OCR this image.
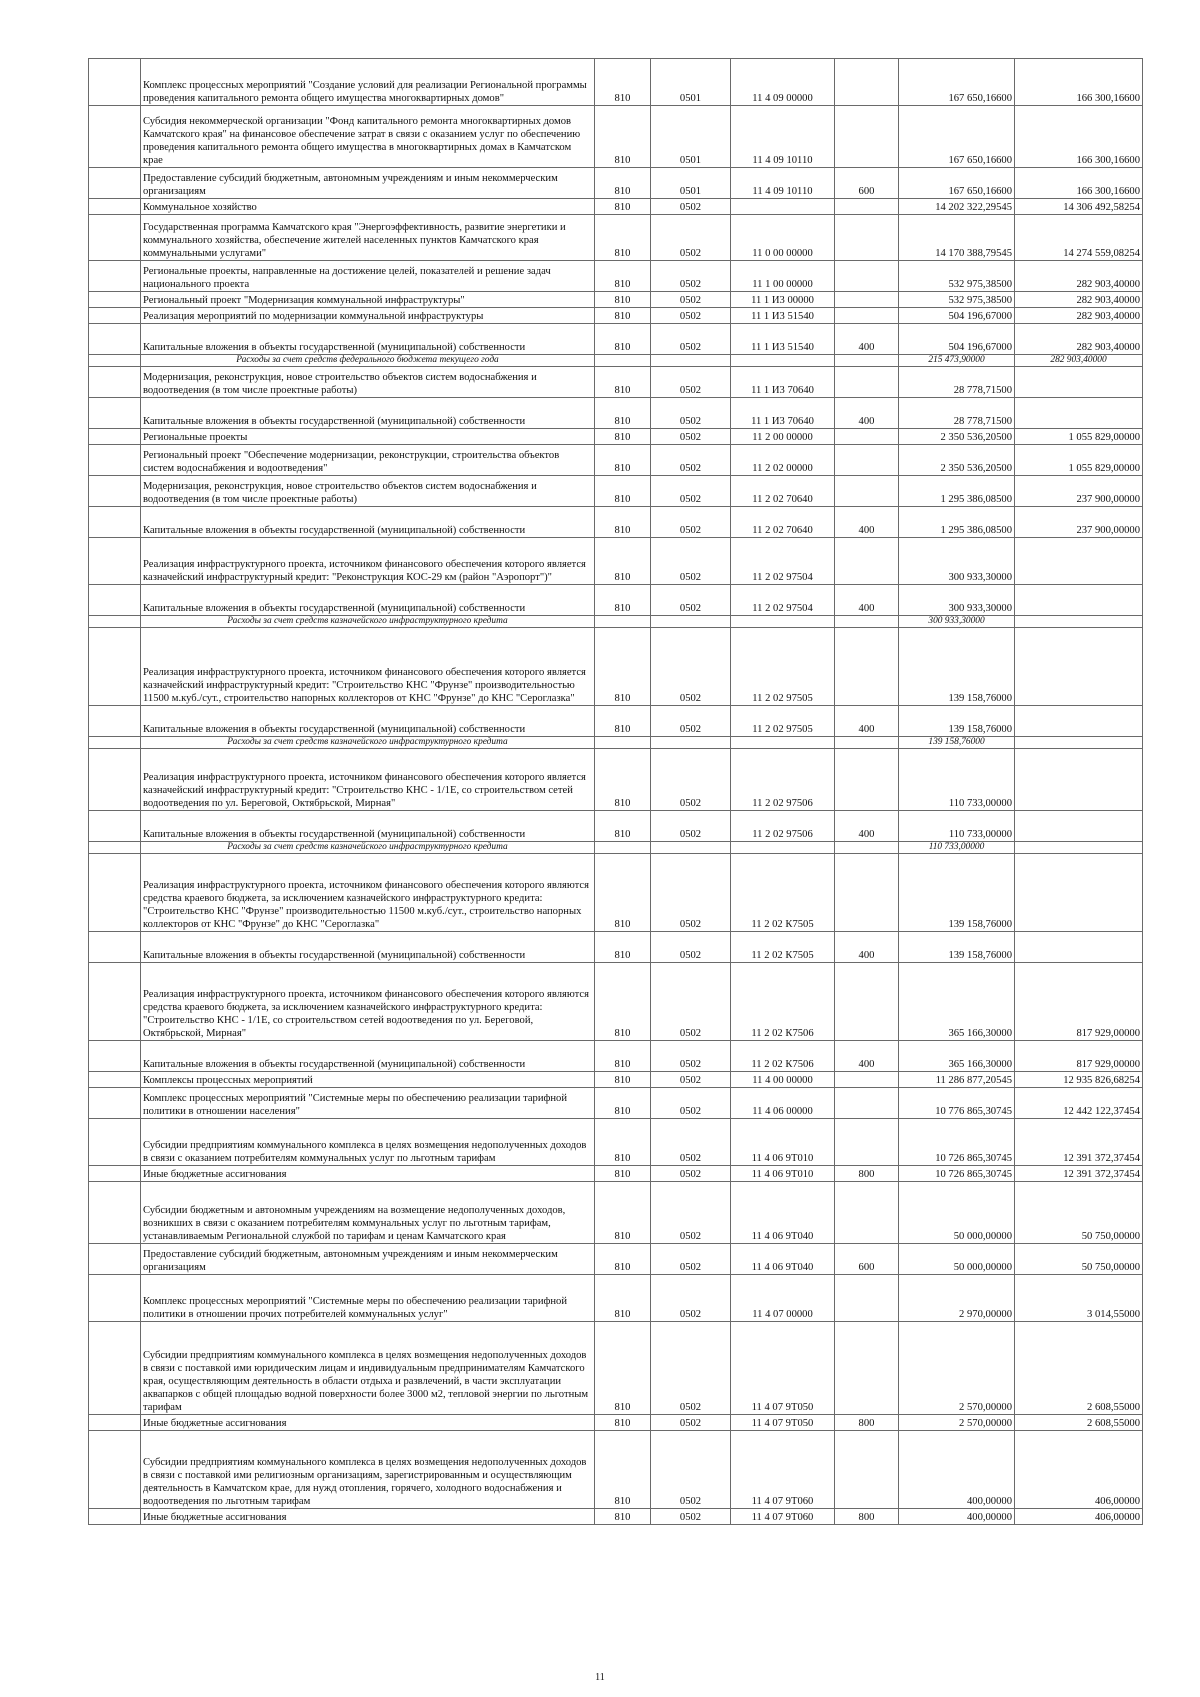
	Комплекс процессных мероприятий "Создание условий для реализации Региональной программы проведения капитального ремонта общего имущества многоквартирных домов"	810	0501	11 4 09 00000		167 650,16600	166 300,16600
	Субсидия некоммерческой организации "Фонд капитального ремонта многоквартирных домов Камчатского края" на финансовое обеспечение затрат в связи с оказанием услуг по обеспечению проведения капитального ремонта общего имущества в многоквартирных домах в Камчатском крае	810	0501	11 4 09 10110		167 650,16600	166 300,16600
	Предоставление субсидий бюджетным, автономным учреждениям и иным некоммерческим организациям	810	0501	11 4 09 10110	600	167 650,16600	166 300,16600
	Коммунальное хозяйство	810	0502			14 202 322,29545	14 306 492,58254
	Государственная программа Камчатского края "Энергоэффективность, развитие энергетики и коммунального хозяйства, обеспечение жителей населенных пунктов Камчатского края коммунальными услугами"	810	0502	11 0 00 00000		14 170 388,79545	14 274 559,08254
	Региональные проекты, направленные на достижение целей, показателей и решение задач национального проекта	810	0502	11 1 00 00000		532 975,38500	282 903,40000
	Региональный проект "Модернизация коммунальной инфраструктуры"	810	0502	11 1 И3 00000		532 975,38500	282 903,40000
	Реализация мероприятий по модернизации коммунальной инфраструктуры	810	0502	11 1 И3 51540		504 196,67000	282 903,40000
	Капитальные вложения в объекты государственной (муниципальной) собственности	810	0502	11 1 И3 51540	400	504 196,67000	282 903,40000
	Расходы за счет средств федерального бюджета текущего года					215 473,90000	282 903,40000
	Модернизация, реконструкция, новое строительство объектов систем водоснабжения и водоотведения (в том числе проектные работы)	810	0502	11 1 И3 70640		28 778,71500	
	Капитальные вложения в объекты государственной (муниципальной) собственности	810	0502	11 1 И3 70640	400	28 778,71500	
	Региональные проекты	810	0502	11 2 00 00000		2 350 536,20500	1 055 829,00000
	Региональный проект "Обеспечение модернизации, реконструкции, строительства объектов систем водоснабжения и водоотведения"	810	0502	11 2 02 00000		2 350 536,20500	1 055 829,00000
	Модернизация, реконструкция, новое строительство объектов систем водоснабжения и водоотведения (в том числе проектные работы)	810	0502	11 2 02 70640		1 295 386,08500	237 900,00000
	Капитальные вложения в объекты государственной (муниципальной) собственности	810	0502	11 2 02 70640	400	1 295 386,08500	237 900,00000
	Реализация инфраструктурного проекта, источником финансового обеспечения которого является казначейский инфраструктурный кредит: "Реконструкция КОС-29 км (район "Аэропорт")"	810	0502	11 2 02 97504		300 933,30000	
	Капитальные вложения в объекты государственной (муниципальной) собственности	810	0502	11 2 02 97504	400	300 933,30000	
	Расходы за счет средств казначейского инфраструктурного кредита					300 933,30000	
	Реализация инфраструктурного проекта, источником финансового обеспечения которого является казначейский инфраструктурный кредит: "Строительство КНС "Фрунзе" производительностью 11500 м.куб./сут., строительство напорных коллекторов от КНС "Фрунзе" до КНС "Сероглазка"	810	0502	11 2 02 97505		139 158,76000	
	Капитальные вложения в объекты государственной (муниципальной) собственности	810	0502	11 2 02 97505	400	139 158,76000	
	Расходы за счет средств казначейского инфраструктурного кредита					139 158,76000	
	Реализация инфраструктурного проекта, источником финансового обеспечения которого является казначейский инфраструктурный кредит: "Строительство КНС - 1/1Е, со строительством сетей водоотведения по ул. Береговой, Октябрьской, Мирная"	810	0502	11 2 02 97506		110 733,00000	
	Капитальные вложения в объекты государственной (муниципальной) собственности	810	0502	11 2 02 97506	400	110 733,00000	
	Расходы за счет средств казначейского инфраструктурного кредита					110 733,00000	
	Реализация инфраструктурного проекта, источником финансового обеспечения которого являются средства краевого бюджета, за исключением казначейского инфраструктурного кредита: "Строительство КНС "Фрунзе" производительностью 11500 м.куб./сут., строительство напорных коллекторов от КНС "Фрунзе" до КНС "Сероглазка"	810	0502	11 2 02 К7505		139 158,76000	
	Капитальные вложения в объекты государственной (муниципальной) собственности	810	0502	11 2 02 К7505	400	139 158,76000	
	Реализация инфраструктурного проекта, источником финансового обеспечения которого являются средства краевого бюджета, за исключением казначейского инфраструктурного кредита: "Строительство КНС - 1/1Е, со строительством сетей водоотведения по ул. Береговой, Октябрьской, Мирная"	810	0502	11 2 02 К7506		365 166,30000	817 929,00000
	Капитальные вложения в объекты государственной (муниципальной) собственности	810	0502	11 2 02 К7506	400	365 166,30000	817 929,00000
	Комплексы процессных мероприятий	810	0502	11 4 00 00000		11 286 877,20545	12 935 826,68254
	Комплекс процессных мероприятий "Системные меры по обеспечению реализации тарифной политики в отношении населения"	810	0502	11 4 06 00000		10 776 865,30745	12 442 122,37454
	Субсидии предприятиям коммунального комплекса в целях возмещения недополученных доходов в связи с оказанием потребителям коммунальных услуг по льготным тарифам	810	0502	11 4 06 9Т010		10 726 865,30745	12 391 372,37454
	Иные бюджетные ассигнования	810	0502	11 4 06 9Т010	800	10 726 865,30745	12 391 372,37454
	Субсидии бюджетным и автономным учреждениям на возмещение недополученных доходов, возникших в связи с оказанием потребителям коммунальных услуг по льготным тарифам, устанавливаемым Региональной службой по тарифам и ценам Камчатского края	810	0502	11 4 06 9Т040		50 000,00000	50 750,00000
	Предоставление субсидий бюджетным, автономным учреждениям и иным некоммерческим организациям	810	0502	11 4 06 9Т040	600	50 000,00000	50 750,00000
	Комплекс процессных мероприятий "Системные меры по обеспечению реализации тарифной политики в отношении прочих потребителей коммунальных услуг"	810	0502	11 4 07 00000		2 970,00000	3 014,55000
	Субсидии предприятиям коммунального комплекса в целях возмещения недополученных доходов в связи с поставкой ими юридическим лицам и индивидуальным предпринимателям Камчатского края, осуществляющим деятельность в области отдыха и развлечений, в части эксплуатации аквапарков с общей площадью водной поверхности более 3000 м2, тепловой энергии по льготным тарифам	810	0502	11 4 07 9Т050		2 570,00000	2 608,55000
	Иные бюджетные ассигнования	810	0502	11 4 07 9Т050	800	2 570,00000	2 608,55000
	Субсидии предприятиям коммунального комплекса в целях возмещения недополученных доходов в связи с поставкой ими религиозным организациям, зарегистрированным и осуществляющим деятельность в Камчатском крае, для нужд отопления, горячего, холодного водоснабжения и водоотведения по льготным тарифам	810	0502	11 4 07 9Т060		400,00000	406,00000
	Иные бюджетные ассигнования	810	0502	11 4 07 9Т060	800	400,00000	406,00000
11
